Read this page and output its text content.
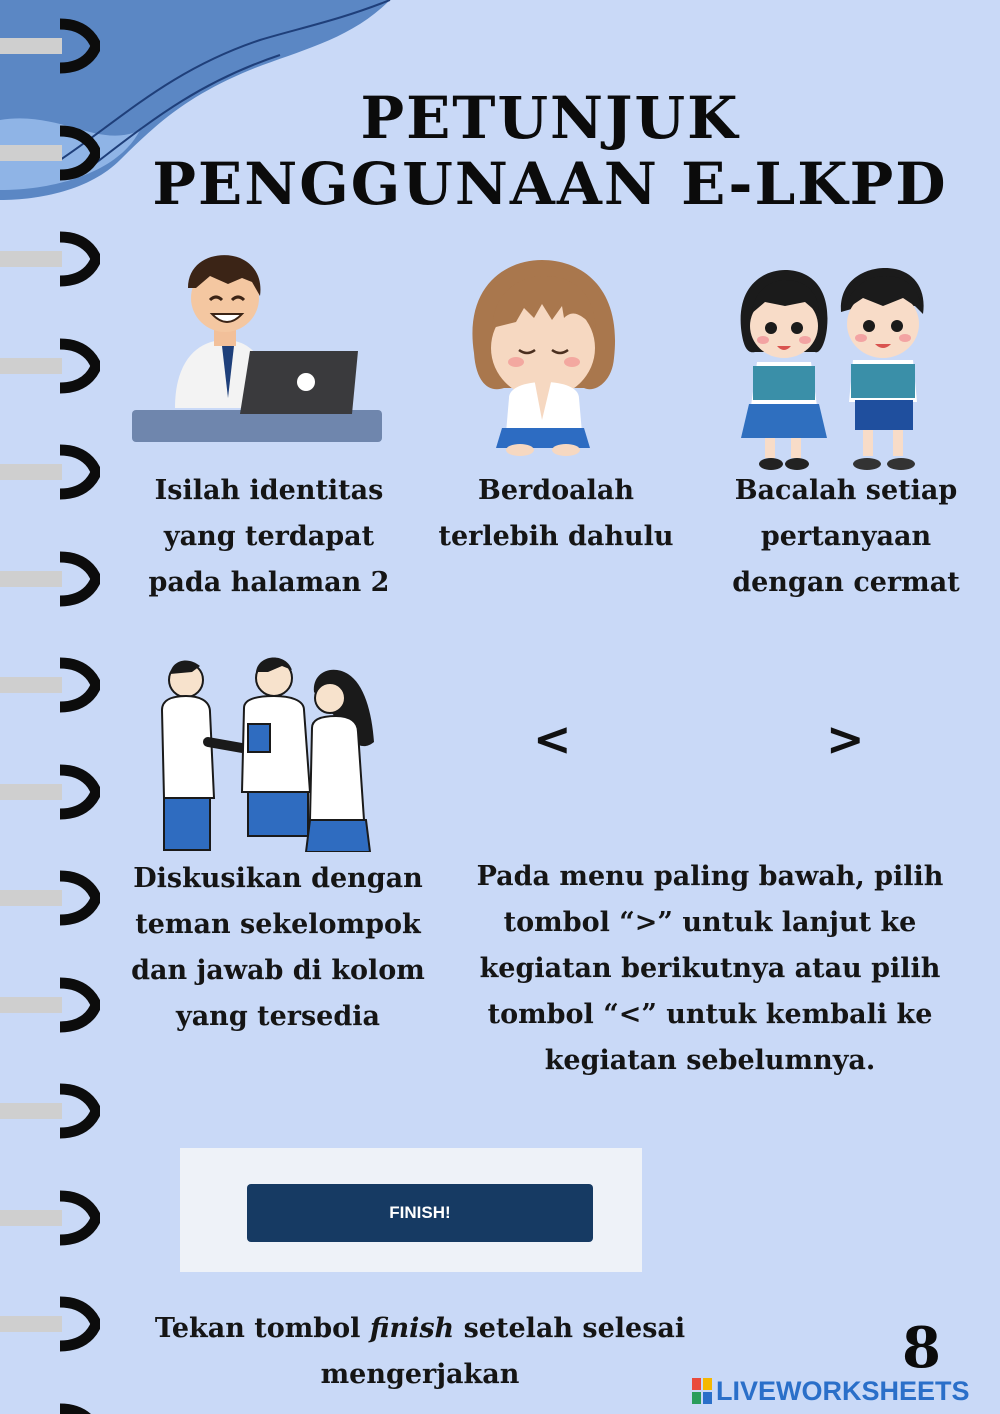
PETUNJUK
PENGGUNAAN E-LKPD
Isilah identitas yang terdapat pada halaman 2
Berdoalah terlebih dahulu
Bacalah setiap pertanyaan dengan cermat
Diskusikan dengan teman sekelompok dan jawab di kolom yang tersedia
Pada menu paling bawah, pilih tombol “>” untuk lanjut ke kegiatan berikutnya atau pilih tombol “<” untuk kembali ke kegiatan sebelumnya.
<	>
FINISH!
Tekan tombol finish setelah selesai mengerjakan	8
LIVEWORKSHEETS
